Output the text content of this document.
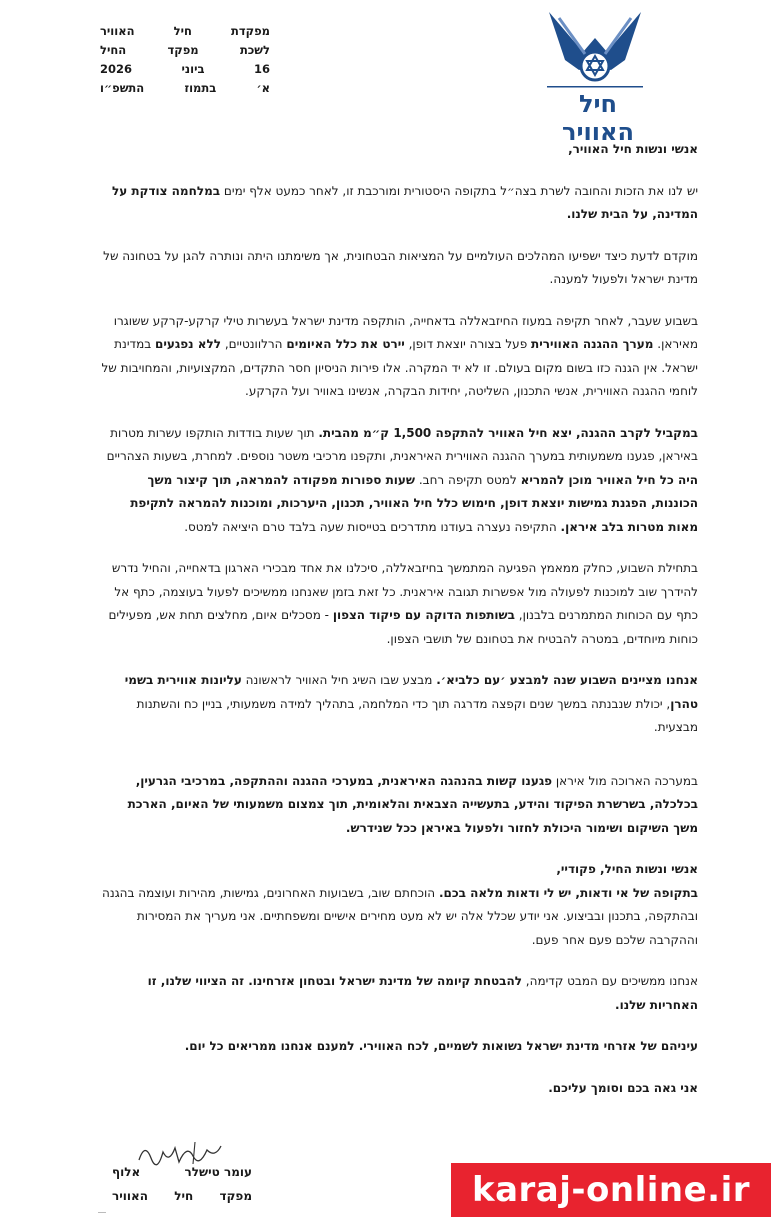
חיל האוויר
מפקדת
חיל
האוויר
לשכת
מפקד
החיל
16
ביוני
2026
א׳
בתמוז
התשפ״ו

אנשי ונשות חיל האוויר,

יש לנו את הזכות והחובה לשרת בצה״ל בתקופה היסטורית ומורכבת זו, לאחר כמעט אלף ימים במלחמה צודקת על המדינה, על הבית שלנו.

מוקדם לדעת כיצד ישפיעו המהלכים העולמיים על המציאות הבטחונית, אך משימתנו היתה ונותרה להגן על בטחונה של מדינת ישראל ולפעול למענה.

בשבוע שעבר, לאחר תקיפה במעוז החיזבאללה בדאחייה, הותקפה מדינת ישראל בעשרות טילי קרקע-קרקע ששוגרו מאיראן. מערך ההגנה האווירית פעל בצורה יוצאת דופן, יירט את כלל האיומים הרלוונטיים, ללא נפגעים במדינת ישראל. אין הגנה כזו בשום מקום בעולם. זו לא יד המקרה. אלו פירות הניסיון חסר התקדים, המקצועיות, והמחויבות של לוחמי ההגנה האווירית, אנשי התכנון, השליטה, יחידות הבקרה, אנשינו באוויר ועל הקרקע.

במקביל לקרב ההגנה, יצא חיל האוויר להתקפה 1,500 ק״מ מהבית. תוך שעות בודדות הותקפו עשרות מטרות באיראן, פגענו משמעותית במערך ההגנה האווירית האיראנית, ותקפנו מרכיבי משטר נוספים. למחרת, בשעות הצהריים היה כל חיל האוויר מוכן להמריא למטס תקיפה רחב. שעות ספורות מפקודה להמראה, תוך קיצור משך הכוננות, הפגנת גמישות יוצאת דופן, חימוש כלל חיל האוויר, תכנון, היערכות, ומוכנות להמראה לתקיפת מאות מטרות בלב איראן. התקיפה נעצרה בעודנו מתדרכים בטייסות שעה בלבד טרם היציאה למטס.

בתחילת השבוע, כחלק ממאמץ הפגיעה המתמשך בחיזבאללה, סיכלנו את אחד מבכירי הארגון בדאחייה, והחיל נדרש להידרך שוב למוכנות לפעולה מול אפשרות תגובה איראנית. כל זאת בזמן שאנחנו ממשיכים לפעול בעוצמה, כתף אל כתף עם הכוחות המתמרנים בלבנון, בשותפות הדוקה עם פיקוד הצפון - מסכלים איום, מחלצים תחת אש, מפעילים כוחות מיוחדים, במטרה להבטיח את בטחונם של תושבי הצפון.

אנחנו מציינים השבוע שנה למבצע ׳עם כלביא׳. מבצע שבו השיג חיל האוויר לראשונה עליונות אווירית בשמי טהרן, יכולת שנבנתה במשך שנים וקפצה מדרגה תוך כדי המלחמה, בתהליך למידה משמעותי, בניין כח והשתנות מבצעית.

במערכה הארוכה מול איראן פגענו קשות בהנהגה האיראנית, במערכי ההגנה וההתקפה, במרכיבי הגרעין, בכלכלה, בשרשרת הפיקוד והידע, בתעשייה הצבאית והלאומית, תוך צמצום משמעותי של האיום, הארכת משך השיקום ושימור היכולת לחזור ולפעול באיראן ככל שנידרש.

אנשי ונשות החיל, פקודיי,

בתקופה של אי ודאות, יש לי ודאות מלאה בכם. הוכחתם שוב, בשבועות האחרונים, גמישות, מהירות ועוצמה בהגנה ובהתקפה, בתכנון ובביצוע. אני יודע שכלל אלה יש לא מעט מחירים אישיים ומשפחתיים. אני מעריך את המסירות וההקרבה שלכם פעם אחר פעם.

אנחנו ממשיכים עם המבט קדימה, להבטחת קיומה של מדינת ישראל ובטחון אזרחינו. זה הציווי שלנו, זו האחריות שלנו.

עיניהם של אזרחי מדינת ישראל נשואות לשמיים, לכח האווירי. למענם אנחנו ממריאים כל יום.

אני גאה בכם וסומך עליכם.

עומר טישלר
אלוף
מפקד
חיל
האוויר	karaj-online.ir
